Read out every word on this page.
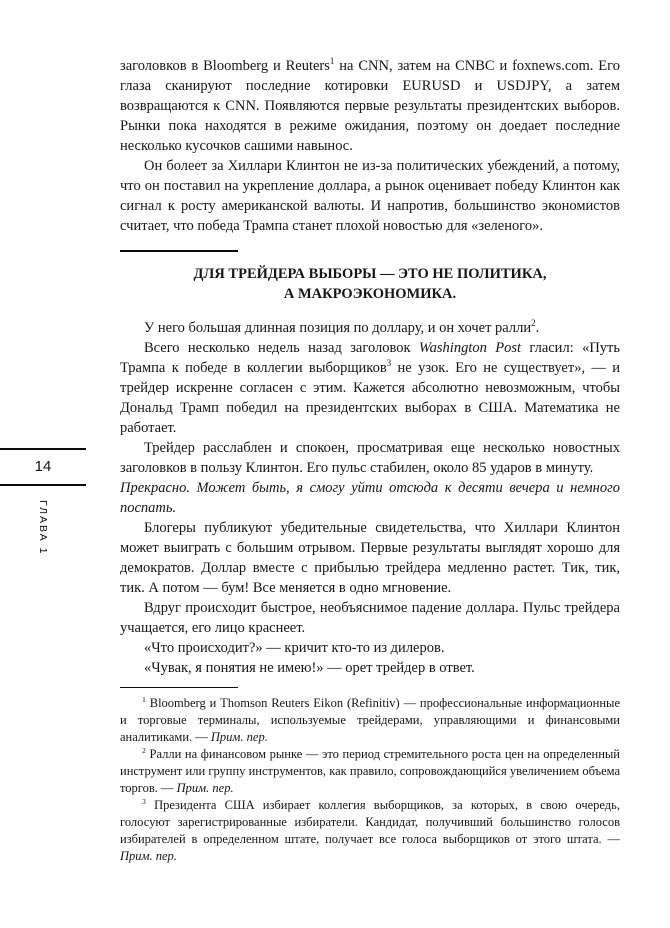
14
ГЛАВА 1

заголовков в Bloomberg и Reuters$^1$ на CNN, затем на CNBC и foxnews.com. Его глаза сканируют последние котировки EURUSD и USDJPY, а затем возвращаются к CNN. Появляются первые результаты президентских выборов. Рынки пока находятся в режиме ожидания, поэтому он доедает последние несколько кусочков сашими навынос.

Он болеет за Хиллари Клинтон не из-за политических убеждений, а потому, что он поставил на укрепление доллара, а рынок оценивает победу Клинтон как сигнал к росту американской валюты. И напротив, большинство экономистов считает, что победа Трампа станет плохой новостью для «зеленого».

ДЛЯ ТРЕЙДЕРА ВЫБОРЫ — ЭТО НЕ ПОЛИТИКА,
А МАКРОЭКОНОМИКА.

У него большая длинная позиция по доллару, и он хочет ралли$^2$.

Всего несколько недель назад заголовок Washington Post гласил: «Путь Трампа к победе в коллегии выборщиков$^3$ не узок. Его не существует», — и трейдер искренне согласен с этим. Кажется абсолютно невозможным, чтобы Дональд Трамп победил на президентских выборах в США. Математика не работает.

Трейдер расслаблен и спокоен, просматривая еще несколько новостных заголовков в пользу Клинтон. Его пульс стабилен, около 85 ударов в минуту.

Прекрасно. Может быть, я смогу уйти отсюда к десяти вечера и немного поспать.

Блогеры публикуют убедительные свидетельства, что Хиллари Клинтон может выиграть с большим отрывом. Первые результаты выглядят хорошо для демократов. Доллар вместе с прибылью трейдера медленно растет. Тик, тик, тик. А потом — бум! Все меняется в одно мгновение.

Вдруг происходит быстрое, необъяснимое падение доллара. Пульс трейдера учащается, его лицо краснеет.

«Что происходит?» — кричит кто-то из дилеров.

«Чувак, я понятия не имею!» — орет трейдер в ответ.

$^1$ Bloomberg и Thomson Reuters Eikon (Refinitiv) — профессиональные информационные и торговые терминалы, используемые трейдерами, управляющими и финансовыми аналитиками. — Прим. пер.

$^2$ Ралли на финансовом рынке — это период стремительного роста цен на определенный инструмент или группу инструментов, как правило, сопровождающийся увеличением объема торгов. — Прим. пер.

$^3$ Президента США избирает коллегия выборщиков, за которых, в свою очередь, голосуют зарегистрированные избиратели. Кандидат, получивший большинство голосов избирателей в определенном штате, получает все голоса выборщиков от этого штата. — Прим. пер.
